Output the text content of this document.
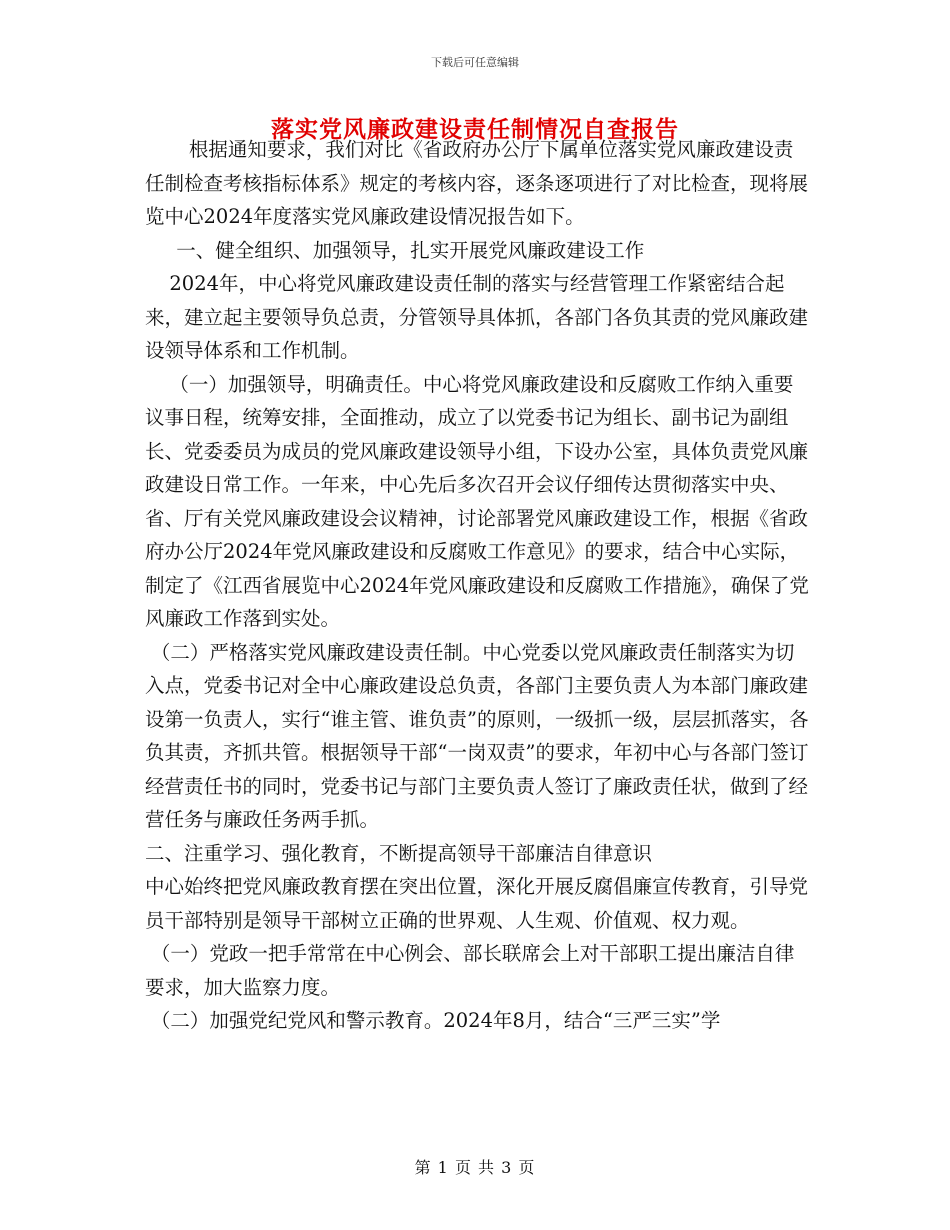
下载后可任意编辑
落实党风廉政建设责任制情况自查报告

根据通知要求，我们对比《省政府办公厅下属单位落实党风廉政建设责任制检查考核指标体系》规定的考核内容，逐条逐项进行了对比检查，现将展览中心2024年度落实党风廉政建设情况报告如下。

一、健全组织、加强领导，扎实开展党风廉政建设工作

2024年，中心将党风廉政建设责任制的落实与经营管理工作紧密结合起来，建立起主要领导负总责，分管领导具体抓，各部门各负其责的党风廉政建设领导体系和工作机制。

（一）加强领导，明确责任。中心将党风廉政建设和反腐败工作纳入重要议事日程，统筹安排，全面推动，成立了以党委书记为组长、副书记为副组长、党委委员为成员的党风廉政建设领导小组，下设办公室，具体负责党风廉政建设日常工作。一年来，中心先后多次召开会议仔细传达贯彻落实中央、省、厅有关党风廉政建设会议精神，讨论部署党风廉政建设工作，根据《省政府办公厅2024年党风廉政建设和反腐败工作意见》的要求，结合中心实际，制定了《江西省展览中心2024年党风廉政建设和反腐败工作措施》，确保了党风廉政工作落到实处。

（二）严格落实党风廉政建设责任制。中心党委以党风廉政责任制落实为切入点，党委书记对全中心廉政建设总负责，各部门主要负责人为本部门廉政建设第一负责人，实行“谁主管、谁负责”的原则，一级抓一级，层层抓落实，各负其责，齐抓共管。根据领导干部“一岗双责”的要求，年初中心与各部门签订经营责任书的同时，党委书记与部门主要负责人签订了廉政责任状，做到了经营任务与廉政任务两手抓。

二、注重学习、强化教育，不断提高领导干部廉洁自律意识

中心始终把党风廉政教育摆在突出位置，深化开展反腐倡廉宣传教育，引导党员干部特别是领导干部树立正确的世界观、人生观、价值观、权力观。

（一）党政一把手常常在中心例会、部长联席会上对干部职工提出廉洁自律要求，加大监察力度。

（二）加强党纪党风和警示教育。2024年8月，结合“三严三实”学

第 1 页 共 3 页
